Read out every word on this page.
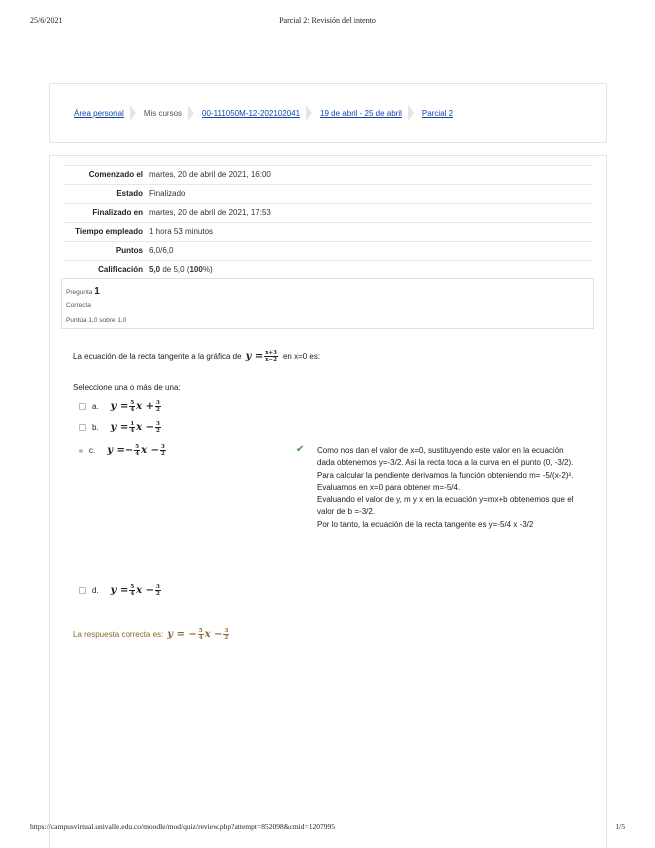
25/6/2021	Parcial 2: Revisión del intento
Área personal	Mis cursos	00-111050M-12-202102041	19 de abril - 25 de abril	Parcial 2
Comenzado el	martes, 20 de abril de 2021, 16:00
Estado	Finalizado
Finalizado en	martes, 20 de abril de 2021, 17:53
Tiempo empleado	1 hora 53 minutos
Puntos	6,0/6,0
Calificación	5,0 de 5,0 (100%)
Pregunta 1
Correcta
Puntúa 1,0 sobre 1,0
La ecuación de la recta tangente a la gráfica de $y = \frac{x+3}{x-2}$ en x=0 es:
Seleccione una o más de una:
a. $y = \frac{5}{4}$ $x + \frac{3}{2}$
b. $y = \frac{1}{4}$ $x - \frac{3}{2}$
c. y = − $\frac{5}{4}$ $x - \frac{3}{2}$
d. $y = \frac{5}{4}$ $x - \frac{3}{2}$
✔ Como nos dan el valor de x=0, sustituyendo este valor en la ecuación dada obtenemos y=-3/2. Asi la recta toca a la curva en el punto (0, -3/2).
Para calcular la pendiente derivamos la función obteniendo m= -5/(x-2)². Evaluamos en x=0 para obtener m=-5/4.
Evaluando el valor de y, m y x en la ecuación y=mx+b obtenemos que el valor de b =-3/2.
Por lo tanto, la ecuación de la recta tangente es y=-5/4 x -3/2
La respuesta correcta es: y = − $\frac{5}{4}$ $x - \frac{3}{2}$
https://campusvirtual.univalle.edu.co/moodle/mod/quiz/review.php?attempt=852098&cmid=1207995	1/5
